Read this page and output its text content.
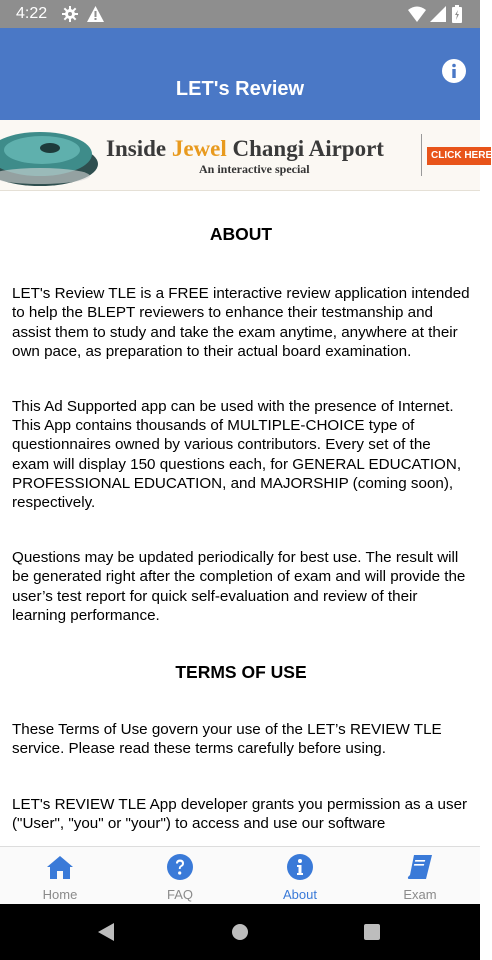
4:22
LET's Review
Inside Jewel Changi Airport
An interactive special
CLICK HERE

ABOUT

LET's Review TLE is a FREE interactive review application intended to help the BLEPT reviewers to enhance their testmanship and assist them to study and take the exam anytime, anywhere at their own pace, as preparation to their actual board examination.

This Ad Supported app can be used with the presence of Internet. This App contains thousands of MULTIPLE-CHOICE type of questionnaires owned by various contributors. Every set of the exam will display 150 questions each, for GENERAL EDUCATION, PROFESSIONAL EDUCATION, and MAJORSHIP (coming soon), respectively.

Questions may be updated periodically for best use. The result will be generated right after the completion of exam and will provide the user’s test report for quick self-evaluation and review of their learning performance.

TERMS OF USE

These Terms of Use govern your use of the LET’s REVIEW TLE service. Please read these terms carefully before using.

LET's REVIEW TLE App developer grants you permission as a user ("User", "you" or "your") to access and use our software

Home	FAQ	About	Exam
